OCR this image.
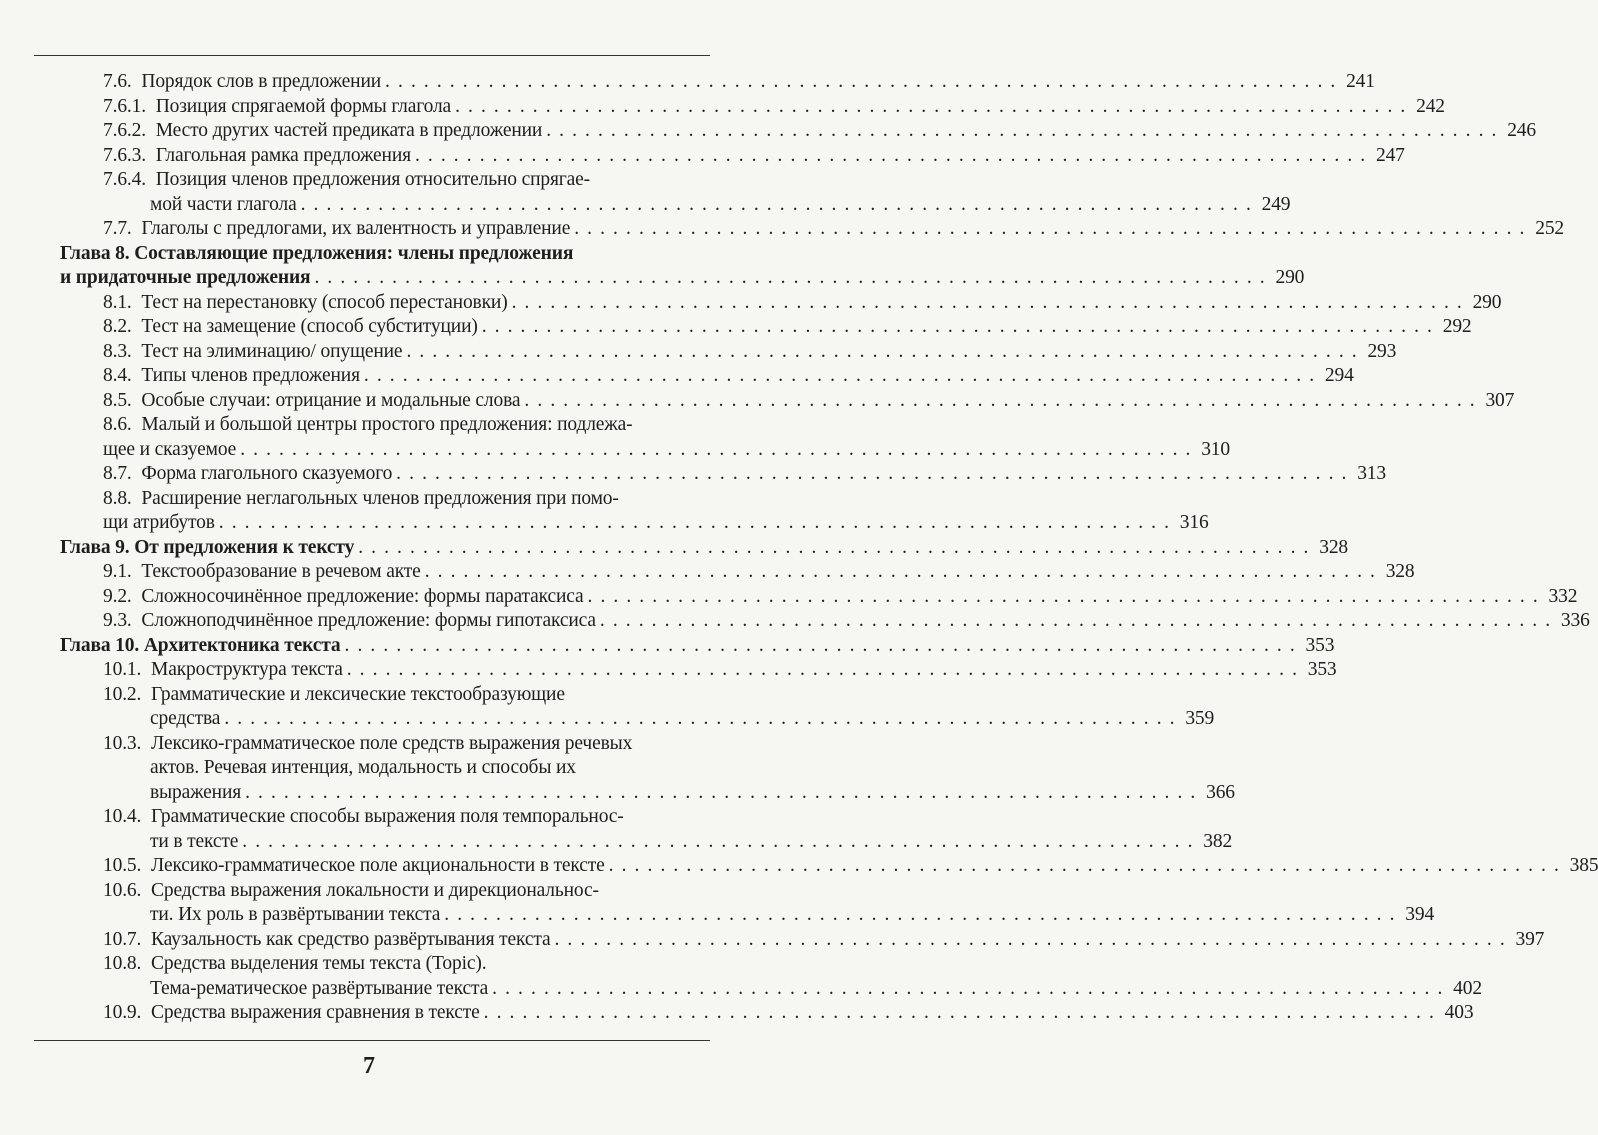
7.6.
Порядок слов в предложении . . .	241
7.6.1.
Позиция спрягаемой формы глагола . . .	242
7.6.2.
Место других частей предиката в предложении . . .	246
7.6.3.
Глагольная рамка предложения . . .	247
7.6.4.
Позиция членов предложения относительно спрягае-
мой части глагола . . .	249
7.7.
Глаголы с предлогами, их валентность и управление . . .	252
Глава 8.
Составляющие предложения: члены предложения
и придаточные предложения . . .	290
8.1.
Тест на перестановку (способ перестановки) . . .	290
8.2.
Тест на замещение (способ субституции) . . .	292
8.3.
Тест на элиминацию/ опущение . . .	293
8.4.
Типы членов предложения . . .	294
8.5.
Особые случаи: отрицание и модальные слова . . .	307
8.6.
Малый и большой центры простого предложения: подлежа-
щее и сказуемое . . .	310
8.7.
Форма глагольного сказуемого . . .	313
8.8.
Расширение неглагольных членов предложения при помо-
щи атрибутов . . .	316
Глава 9.
От предложения к тексту . . .	328
9.1.
Текстообразование в речевом акте . . .	328
9.2.
Сложносочинённое предложение: формы паратаксиса . . .	332
9.3.
Сложноподчинённое предложение: формы гипотаксиса . . .	336
Глава 10.
Архитектоника текста . . .	353
10.1.
Макроструктура текста . . .	353
10.2.
Грамматические и лексические текстообразующие
средства . . .	359
10.3.
Лексико-грамматическое поле средств выражения речевых
актов. Речевая интенция, модальность и способы их
выражения . . .	366
10.4.
Грамматические способы выражения поля темпоральнос-
ти в тексте . . .	382
10.5.
Лексико-грамматическое поле акциональности в тексте . . .	385
10.6.
Средства выражения локальности и дирекциональнос-
ти. Их роль в развёртывании текста . . .	394
10.7.
Каузальность как средство развёртывания текста . . .	397
10.8.
Средства выделения темы текста (Topic).
Тема-рематическое развёртывание текста . . .	402
10.9.
Средства выражения сравнения в тексте . . .	403
7
